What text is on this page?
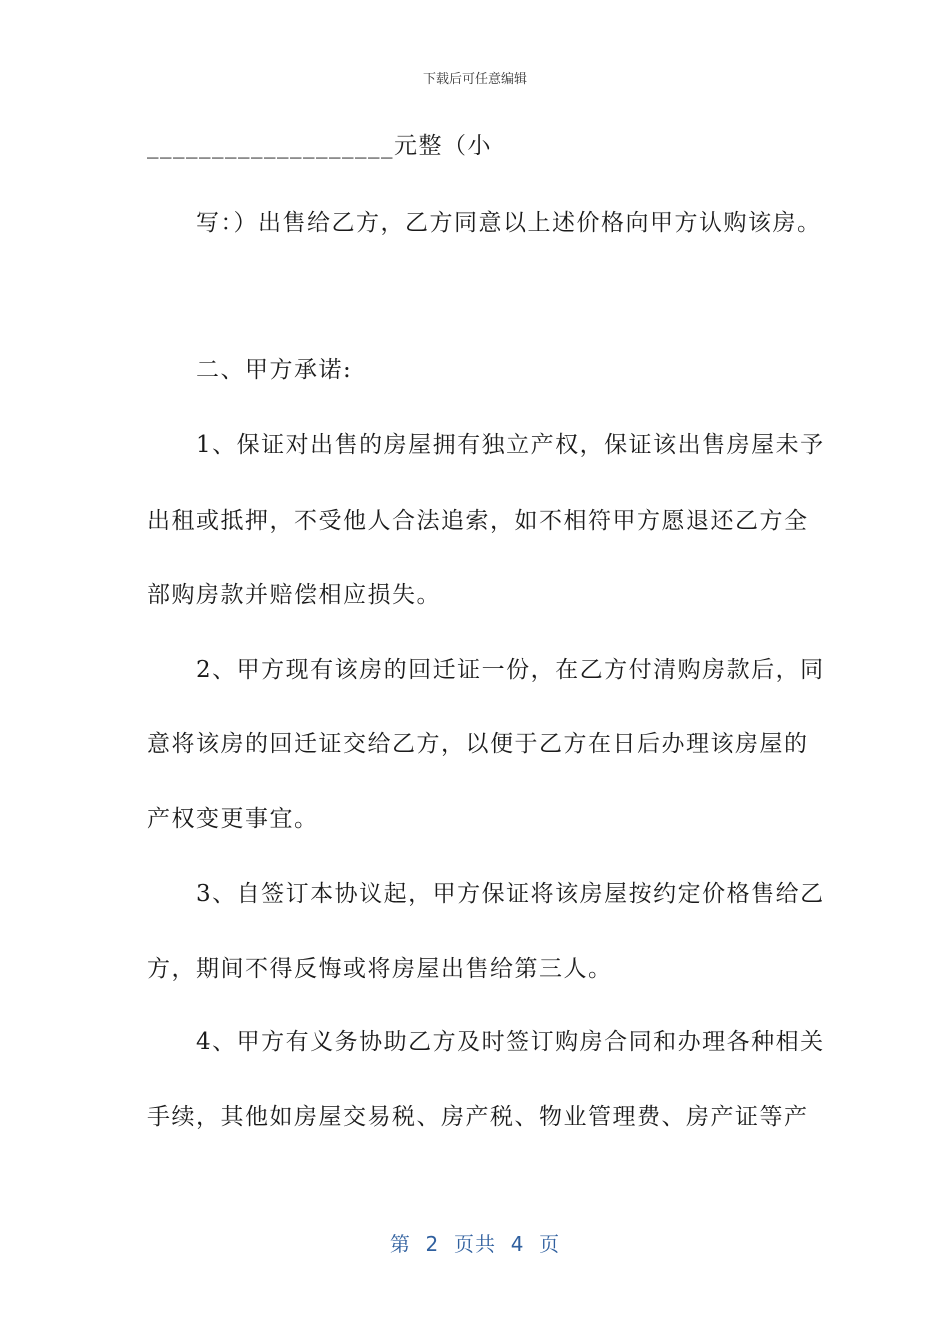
下载后可任意编辑
___________________元整（小
　　写：）出售给乙方，乙方同意以上述价格向甲方认购该房。
　　二、甲方承诺:
　　1、保证对出售的房屋拥有独立产权，保证该出售房屋未予
出租或抵押，不受他人合法追索，如不相符甲方愿退还乙方全
部购房款并赔偿相应损失。
　　2、甲方现有该房的回迁证一份，在乙方付清购房款后，同
意将该房的回迁证交给乙方，以便于乙方在日后办理该房屋的
产权变更事宜。
　　3、自签订本协议起，甲方保证将该房屋按约定价格售给乙
方，期间不得反悔或将房屋出售给第三人。
　　4、甲方有义务协助乙方及时签订购房合同和办理各种相关
手续，其他如房屋交易税、房产税、物业管理费、房产证等产
第  2  页共  4  页
